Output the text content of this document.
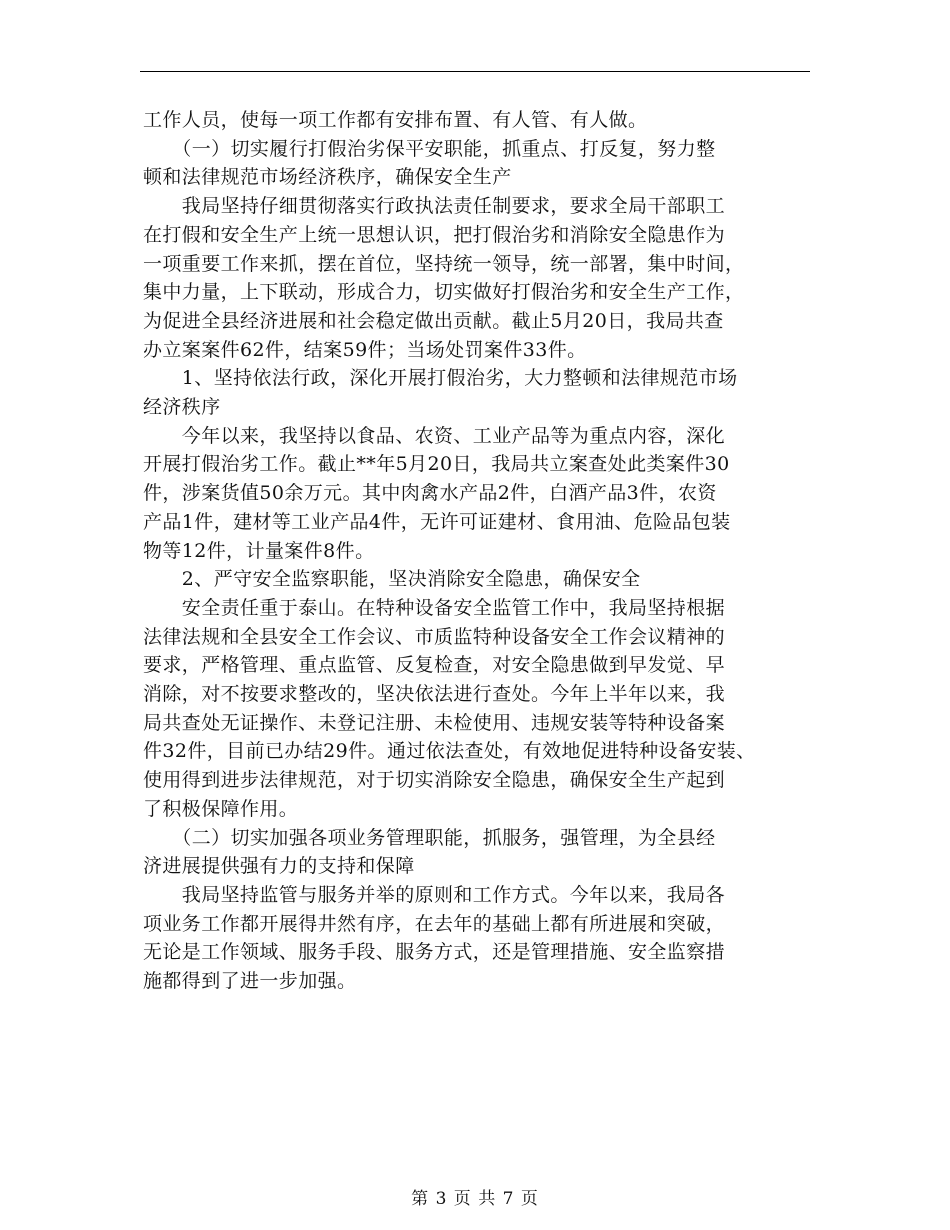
工作人员，使每一项工作都有安排布置、有人管、有人做。
　　（一）切实履行打假治劣保平安职能，抓重点、打反复，努力整
顿和法律规范市场经济秩序，确保安全生产
　　我局坚持仔细贯彻落实行政执法责任制要求，要求全局干部职工
在打假和安全生产上统一思想认识，把打假治劣和消除安全隐患作为
一项重要工作来抓，摆在首位，坚持统一领导，统一部署，集中时间，
集中力量，上下联动，形成合力，切实做好打假治劣和安全生产工作，
为促进全县经济进展和社会稳定做出贡献。截止5月20日，我局共查
办立案案件62件，结案59件；当场处罚案件33件。
　　1、坚持依法行政，深化开展打假治劣，大力整顿和法律规范市场
经济秩序
　　今年以来，我坚持以食品、农资、工业产品等为重点内容，深化
开展打假治劣工作。截止**年5月20日，我局共立案查处此类案件30
件，涉案货值50余万元。其中肉禽水产品2件，白酒产品3件，农资
产品1件，建材等工业产品4件，无许可证建材、食用油、危险品包装
物等12件，计量案件8件。
　　2、严守安全监察职能，坚决消除安全隐患，确保安全
　　安全责任重于泰山。在特种设备安全监管工作中，我局坚持根据
法律法规和全县安全工作会议、市质监特种设备安全工作会议精神的
要求，严格管理、重点监管、反复检查，对安全隐患做到早发觉、早
消除，对不按要求整改的，坚决依法进行查处。今年上半年以来，我
局共查处无证操作、未登记注册、未检使用、违规安装等特种设备案
件32件，目前已办结29件。通过依法查处，有效地促进特种设备安装、
使用得到进步法律规范，对于切实消除安全隐患，确保安全生产起到
了积极保障作用。
　　（二）切实加强各项业务管理职能，抓服务，强管理，为全县经
济进展提供强有力的支持和保障
　　我局坚持监管与服务并举的原则和工作方式。今年以来，我局各
项业务工作都开展得井然有序，在去年的基础上都有所进展和突破，
无论是工作领域、服务手段、服务方式，还是管理措施、安全监察措
施都得到了进一步加强。
第 3 页 共 7 页
